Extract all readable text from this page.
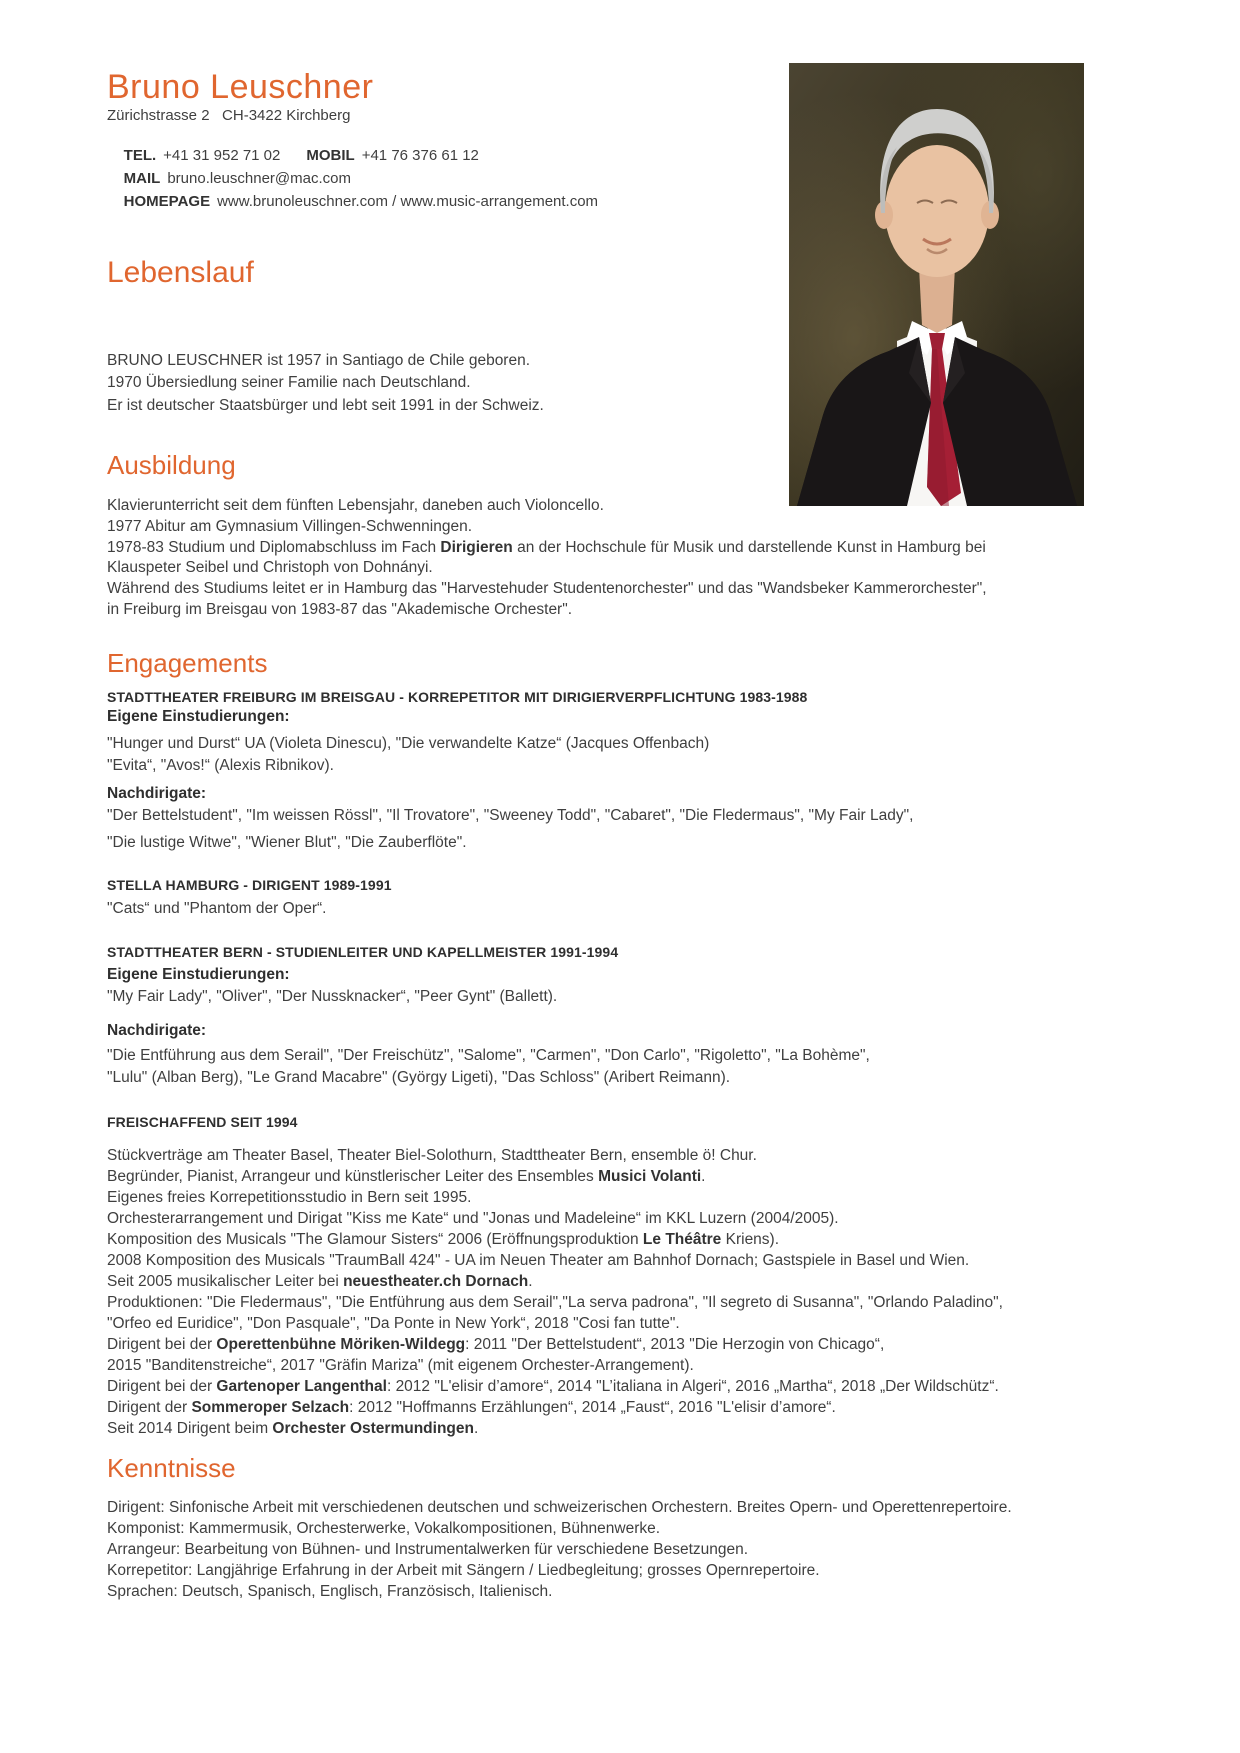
Bruno Leuschner
Zürichstrasse 2   CH-3422 Kirchberg

TEL. +41 31 952 71 02 MOBIL +41 76 376 61 12

MAIL bruno.leuschner@mac.com

HOMEPAGE www.brunoleuschner.com / www.music-arrangement.com

Lebenslauf
BRUNO LEUSCHNER ist 1957 in Santiago de Chile geboren.
1970 Übersiedlung seiner Familie nach Deutschland.
Er ist deutscher Staatsbürger und lebt seit 1991 in der Schweiz.
Ausbildung
Klavierunterricht seit dem fünften Lebensjahr, daneben auch Violoncello.
1977 Abitur am Gymnasium Villingen-Schwenningen.
1978-83 Studium und Diplomabschluss im Fach Dirigieren an der Hochschule für Musik und darstellende Kunst in Hamburg bei
Klauspeter Seibel und Christoph von Dohnányi.
Während des Studiums leitet er in Hamburg das "Harvestehuder Studentenorchester" und das "Wandsbeker Kammerorchester",
in Freiburg im Breisgau von 1983-87 das "Akademische Orchester".
Engagements
STADTTHEATER FREIBURG IM BREISGAU - KORREPETITOR MIT DIRIGIERVERPFLICHTUNG 1983-1988
Eigene Einstudierungen:
"Hunger und Durst“ UA (Violeta Dinescu), "Die verwandelte Katze“ (Jacques Offenbach)
"Evita“, "Avos!“ (Alexis Ribnikov).
Nachdirigate:
"Der Bettelstudent", "Im weissen Rössl", "Il Trovatore", "Sweeney Todd", "Cabaret", "Die Fledermaus", "My Fair Lady",
"Die lustige Witwe", "Wiener Blut", "Die Zauberflöte".
STELLA HAMBURG - DIRIGENT 1989-1991
"Cats“ und "Phantom der Oper“.
STADTTHEATER BERN - STUDIENLEITER UND KAPELLMEISTER 1991-1994
Eigene Einstudierungen:
"My Fair Lady", "Oliver", "Der Nussknacker“, "Peer Gynt" (Ballett).
Nachdirigate:
"Die Entführung aus dem Serail", "Der Freischütz", "Salome", "Carmen", "Don Carlo", "Rigoletto", "La Bohème",
"Lulu" (Alban Berg), "Le Grand Macabre" (György Ligeti), "Das Schloss" (Aribert Reimann).
FREISCHAFFEND SEIT 1994
Stückverträge am Theater Basel, Theater Biel-Solothurn, Stadttheater Bern, ensemble ö! Chur.
Begründer, Pianist, Arrangeur und künstlerischer Leiter des Ensembles Musici Volanti.
Eigenes freies Korrepetitionsstudio in Bern seit 1995.
Orchesterarrangement und Dirigat "Kiss me Kate“ und "Jonas und Madeleine“ im KKL Luzern (2004/2005).
Komposition des Musicals "The Glamour Sisters“ 2006 (Eröffnungsproduktion Le Théâtre Kriens).
2008 Komposition des Musicals "TraumBall 424" - UA im Neuen Theater am Bahnhof Dornach; Gastspiele in Basel und Wien.
Seit 2005 musikalischer Leiter bei neuestheater.ch Dornach.
Produktionen: "Die Fledermaus", "Die Entführung aus dem Serail","La serva padrona", "Il segreto di Susanna", "Orlando Paladino",
"Orfeo ed Euridice", "Don Pasquale", "Da Ponte in New York“, 2018 "Cosi fan tutte".
Dirigent bei der Operettenbühne Möriken-Wildegg: 2011 "Der Bettelstudent“, 2013 "Die Herzogin von Chicago“,
2015 "Banditenstreiche“, 2017 "Gräfin Mariza" (mit eigenem Orchester-Arrangement).
Dirigent bei der Gartenoper Langenthal: 2012 "L'elisir d’amore“, 2014 "L’italiana in Algeri“, 2016 „Martha“, 2018 „Der Wildschütz“.
Dirigent der Sommeroper Selzach: 2012 "Hoffmanns Erzählungen“, 2014 „Faust“, 2016 "L'elisir d’amore“.
Seit 2014 Dirigent beim Orchester Ostermundingen.
Kenntnisse
Dirigent: Sinfonische Arbeit mit verschiedenen deutschen und schweizerischen Orchestern. Breites Opern- und Operettenrepertoire.
Komponist: Kammermusik, Orchesterwerke, Vokalkompositionen, Bühnenwerke.
Arrangeur: Bearbeitung von Bühnen- und Instrumentalwerken für verschiedene Besetzungen.
Korrepetitor: Langjährige Erfahrung in der Arbeit mit Sängern / Liedbegleitung; grosses Opernrepertoire.
Sprachen: Deutsch, Spanisch, Englisch, Französisch, Italienisch.
